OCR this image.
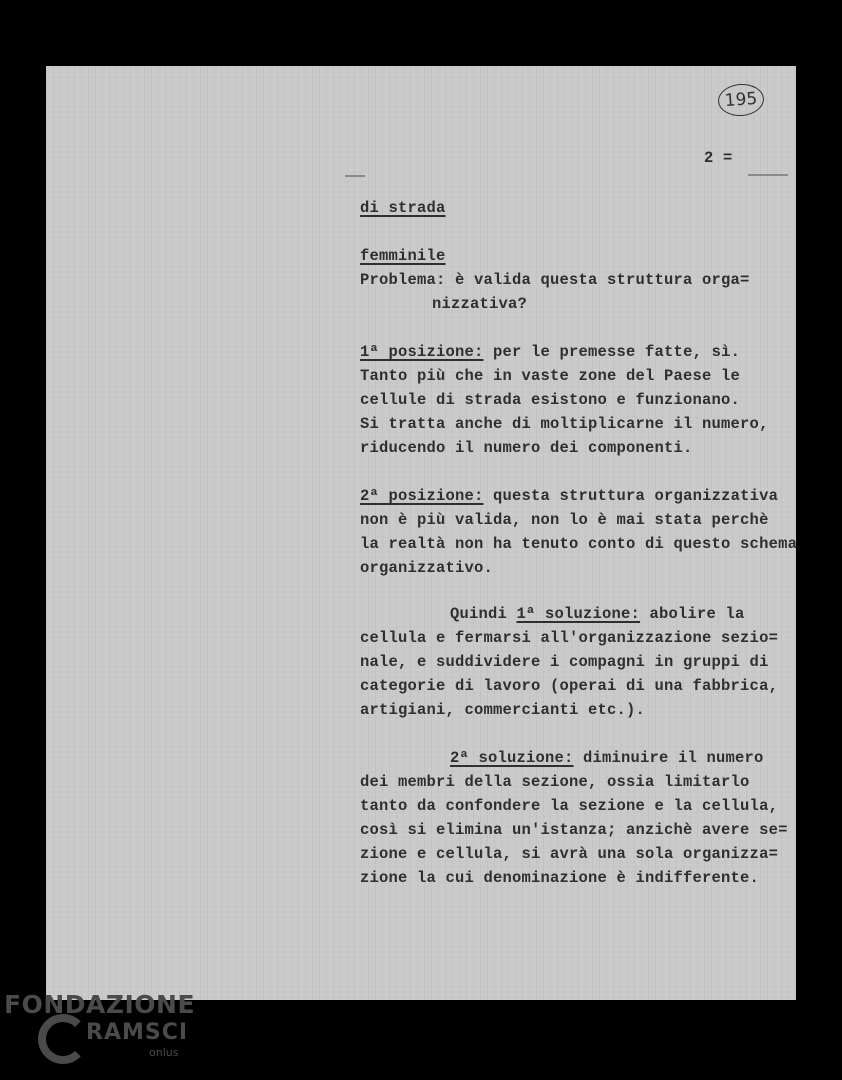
195
2 =
di strada
femminile
Problema: è valida questa struttura orga=
nizzativa?
1ª posizione: per le premesse fatte, sì.
Tanto più che in vaste zone del Paese le
cellule di strada esistono e funzionano.
Si tratta anche di moltiplicarne il numero,
riducendo il numero dei componenti.
2ª posizione: questa struttura organizzativa
non è più valida, non lo è mai stata perchè
la realtà non ha tenuto conto di questo schema
organizzativo.
Quindi 1ª soluzione: abolire la
cellula e fermarsi all'organizzazione sezio=
nale, e suddividere i compagni in gruppi di
categorie di lavoro (operai di una fabbrica,
artigiani, commercianti etc.).
2ª soluzione: diminuire il numero
dei membri della sezione, ossia limitarlo
tanto da confondere la sezione e la cellula,
così si elimina un'istanza; anzichè avere se=
zione e cellula, si avrà una sola organizza=
zione la cui denominazione è indifferente.
FONDAZIONE
RAMSCI
onlus
